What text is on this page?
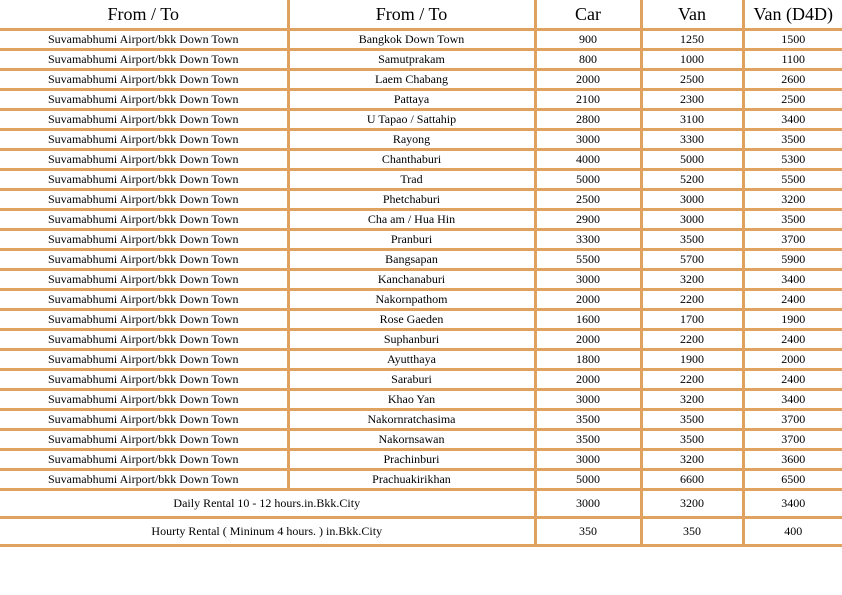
From / To	From / To	Car	Van	Van (D4D)
Suvamabhumi Airport/bkk Down Town	Bangkok Down Town	900	1250	1500
Suvamabhumi Airport/bkk Down Town	Samutprakam	800	1000	1100
Suvamabhumi Airport/bkk Down Town	Laem Chabang	2000	2500	2600
Suvamabhumi Airport/bkk Down Town	Pattaya	2100	2300	2500
Suvamabhumi Airport/bkk Down Town	U Tapao / Sattahip	2800	3100	3400
Suvamabhumi Airport/bkk Down Town	Rayong	3000	3300	3500
Suvamabhumi Airport/bkk Down Town	Chanthaburi	4000	5000	5300
Suvamabhumi Airport/bkk Down Town	Trad	5000	5200	5500
Suvamabhumi Airport/bkk Down Town	Phetchaburi	2500	3000	3200
Suvamabhumi Airport/bkk Down Town	Cha am / Hua Hin	2900	3000	3500
Suvamabhumi Airport/bkk Down Town	Pranburi	3300	3500	3700
Suvamabhumi Airport/bkk Down Town	Bangsapan	5500	5700	5900
Suvamabhumi Airport/bkk Down Town	Kanchanaburi	3000	3200	3400
Suvamabhumi Airport/bkk Down Town	Nakornpathom	2000	2200	2400
Suvamabhumi Airport/bkk Down Town	Rose Gaeden	1600	1700	1900
Suvamabhumi Airport/bkk Down Town	Suphanburi	2000	2200	2400
Suvamabhumi Airport/bkk Down Town	Ayutthaya	1800	1900	2000
Suvamabhumi Airport/bkk Down Town	Saraburi	2000	2200	2400
Suvamabhumi Airport/bkk Down Town	Khao Yan	3000	3200	3400
Suvamabhumi Airport/bkk Down Town	Nakornratchasima	3500	3500	3700
Suvamabhumi Airport/bkk Down Town	Nakornsawan	3500	3500	3700
Suvamabhumi Airport/bkk Down Town	Prachinburi	3000	3200	3600
Suvamabhumi Airport/bkk Down Town	Prachuakirikhan	5000	6600	6500
Daily Rental 10 - 12 hours.in.Bkk.City		3000	3200	3400
Hourty Rental ( Mininum 4 hours. ) in.Bkk.City		350	350	400
